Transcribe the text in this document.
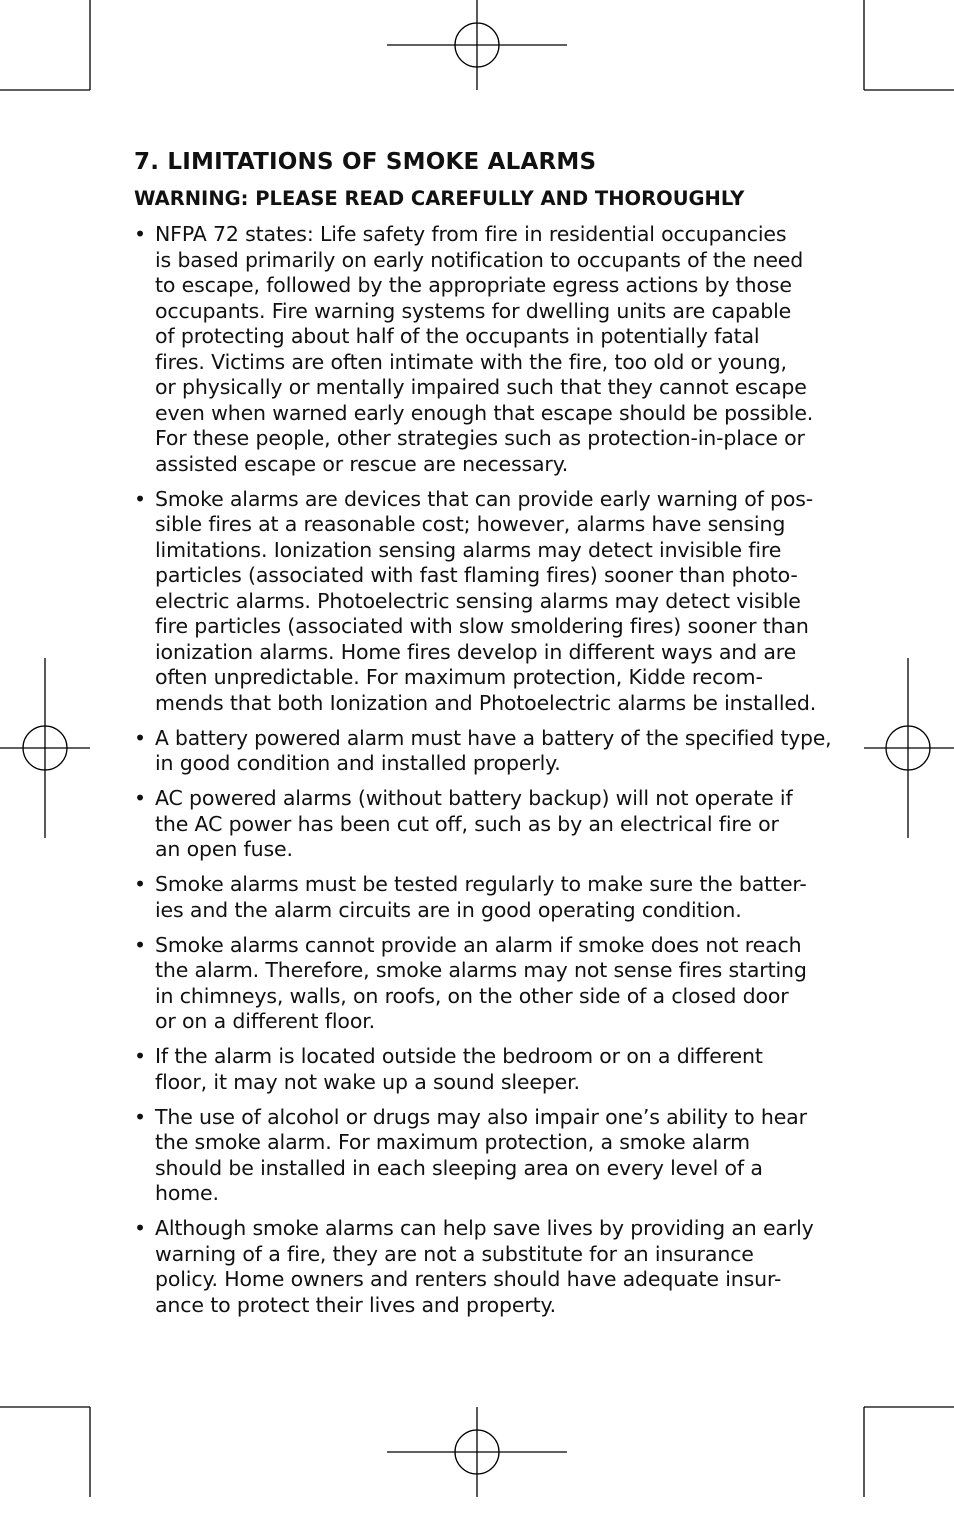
7. LIMITATIONS OF SMOKE ALARMS
WARNING: PLEASE READ CAREFULLY AND THOROUGHLY
• NFPA 72 states: Life safety from fire in residential occupancies
is based primarily on early notification to occupants of the need
to escape, followed by the appropriate egress actions by those
occupants. Fire warning systems for dwelling units are capable
of protecting about half of the occupants in potentially fatal
fires. Victims are often intimate with the fire, too old or young,
or physically or mentally impaired such that they cannot escape
even when warned early enough that escape should be possible.
For these people, other strategies such as protection-in-place or
assisted escape or rescue are necessary.
• Smoke alarms are devices that can provide early warning of pos-
sible fires at a reasonable cost; however, alarms have sensing
limitations. Ionization sensing alarms may detect invisible fire
particles (associated with fast flaming fires) sooner than photo-
electric alarms. Photoelectric sensing alarms may detect visible
fire particles (associated with slow smoldering fires) sooner than
ionization alarms. Home fires develop in different ways and are
often unpredictable. For maximum protection, Kidde recom-
mends that both Ionization and Photoelectric alarms be installed.
• A battery powered alarm must have a battery of the specified type,
in good condition and installed properly.
• AC powered alarms (without battery backup) will not operate if
the AC power has been cut off, such as by an electrical fire or
an open fuse.
• Smoke alarms must be tested regularly to make sure the batter-
ies and the alarm circuits are in good operating condition.
• Smoke alarms cannot provide an alarm if smoke does not reach
the alarm. Therefore, smoke alarms may not sense fires starting
in chimneys, walls, on roofs, on the other side of a closed door
or on a different floor.
• If the alarm is located outside the bedroom or on a different
floor, it may not wake up a sound sleeper.
• The use of alcohol or drugs may also impair one’s ability to hear
the smoke alarm. For maximum protection, a smoke alarm
should be installed in each sleeping area on every level of a
home.
• Although smoke alarms can help save lives by providing an early
warning of a fire, they are not a substitute for an insurance
policy. Home owners and renters should have adequate insur-
ance to protect their lives and property.
